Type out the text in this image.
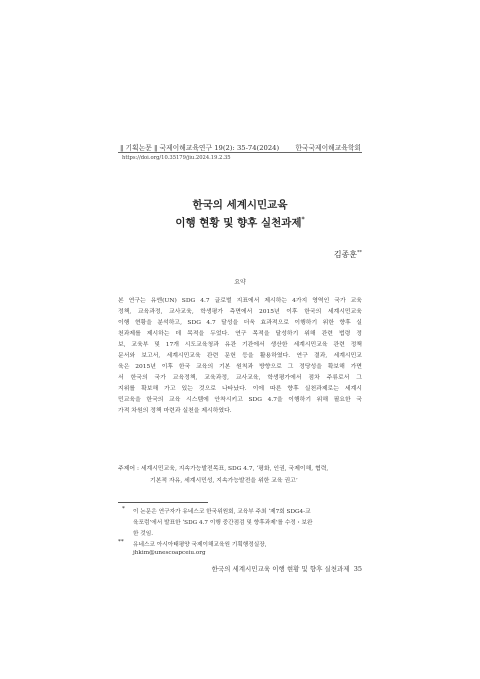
‖ 기획논문 ‖ 국제이해교육연구 19(2): 35-74(2024) 한국국제이해교육학회
https://doi.org/10.35179/jiu.2024.19.2.35
한국의 세계시민교육
이행 현황 및 향후 실천과제*
김종훈**
요약
본 연구는 유엔(UN) SDG 4.7 글로벌 지표에서 제시하는 4가지 영역인 국가 교육
정책, 교육과정, 교사교육, 학생평가 측면에서 2015년 이후 한국의 세계시민교육
이행 현황을 분석하고, SDG 4.7 달성을 더욱 효과적으로 이행하기 위한 향후 실
천과제를 제시하는 데 목적을 두었다. 연구 목적을 달성하기 위해 관련 법령 정
보, 교육부 및 17개 시도교육청과 유관 기관에서 생산한 세계시민교육 관련 정책
문서와 보고서, 세계시민교육 관련 문헌 등을 활용하였다. 연구 결과, 세계시민교
육은 2015년 이후 한국 교육의 기본 원칙과 방향으로 그 정당성을 확보해 가면
서 한국의 국가 교육정책, 교육과정, 교사교육, 학생평가에서 점차 주류로서 그
지위를 확보해 가고 있는 것으로 나타났다. 이에 따른 향후 실천과제로는 세계시
민교육을 한국의 교육 시스템에 안착시키고 SDG 4.7을 이행하기 위해 필요한 국
가적 차원의 정책 마련과 실천을 제시하였다.
주제어 : 세계시민교육, 지속가능발전목표, SDG 4.7, ‘평화, 인권, 국제이해, 협력,
기본적 자유, 세계시민성, 지속가능발전을 위한 교육 권고’
* 이 논문은 연구자가 유네스코 한국위원회, 교육부 주최 ‘제7회 SDG4-교
육포럼’에서 발표한 ‘SDG 4.7 이행 중간점검 및 향후과제’를 수정・보완
한 것임.
** 유네스코 아시아태평양 국제이해교육원 기획행정실장,
jhkim@unescoapceiu.org
한국의 세계시민교육 이행 현황 및 향후 실천과제 35
